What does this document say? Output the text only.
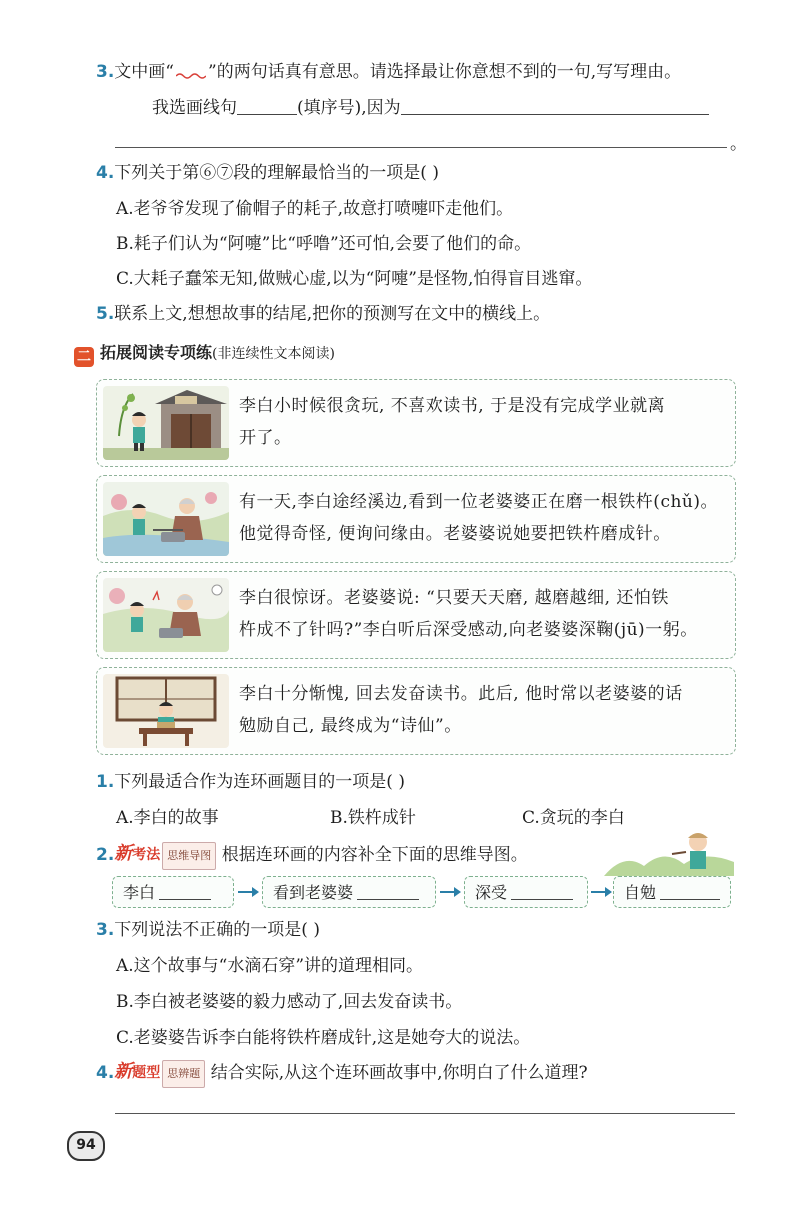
3.文中画“ ”的两句话真有意思。请选择最让你意想不到的一句,写写理由。
我选画线句	(填序号),因为
。
4.下列关于第⑥⑦段的理解最恰当的一项是( )
A.老爷爷发现了偷帽子的耗子,故意打喷嚏吓走他们。
B.耗子们认为“阿嚏”比“呼噜”还可怕,会要了他们的命。
C.大耗子蠢笨无知,做贼心虚,以为“阿嚏”是怪物,怕得盲目逃窜。
5.联系上文,想想故事的结尾,把你的预测写在文中的横线上。
二 拓展阅读专项练(非连续性文本阅读)
李白小时候很贪玩, 不喜欢读书, 于是没有完成学业就离
开了。
有一天,李白途经溪边,看到一位老婆婆正在磨一根铁杵(chǔ)。
他觉得奇怪, 便询问缘由。老婆婆说她要把铁杵磨成针。
李白很惊讶。老婆婆说: “只要天天磨, 越磨越细, 还怕铁
杵成不了针吗?”李白听后深受感动,向老婆婆深鞠(jū)一躬。
李白十分惭愧, 回去发奋读书。此后, 他时常以老婆婆的话
勉励自己, 最终成为“诗仙”。
1.下列最适合作为连环画题目的一项是( )
A.李白的故事	B.铁杵成针	C.贪玩的李白
2.新考法 思维导图 根据连环画的内容补全下面的思维导图。
李白	看到老婆婆	深受	自勉
3.下列说法不正确的一项是( )
A.这个故事与“水滴石穿”讲的道理相同。
B.李白被老婆婆的毅力感动了,回去发奋读书。
C.老婆婆告诉李白能将铁杵磨成针,这是她夸大的说法。
4.新题型 思辨题 结合实际,从这个连环画故事中,你明白了什么道理?
94
